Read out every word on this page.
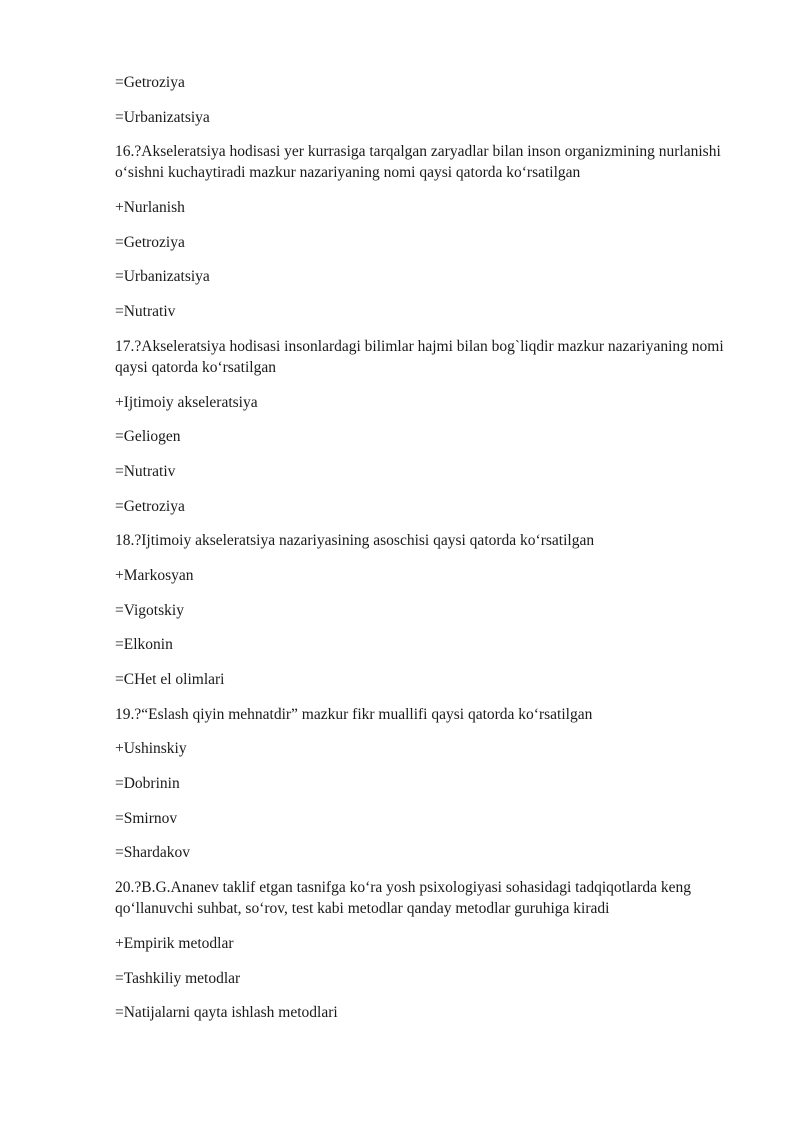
=Getroziya

=Urbanizatsiya

16.?Akseleratsiya hodisasi yer kurrasiga tarqalgan zaryadlar bilan inson organizmining nurlanishi o‘sishni kuchaytiradi mazkur nazariyaning nomi qaysi qatorda ko‘rsatilgan

+Nurlanish

=Getroziya

=Urbanizatsiya

=Nutrativ

17.?Akseleratsiya hodisasi insonlardagi bilimlar hajmi bilan bog`liqdir mazkur nazariyaning nomi qaysi qatorda ko‘rsatilgan

+Ijtimoiy akseleratsiya

=Geliogen

=Nutrativ

=Getroziya

18.?Ijtimoiy akseleratsiya nazariyasining asoschisi qaysi qatorda ko‘rsatilgan

+Markosyan

=Vigotskiy

=Elkonin

=CHet el olimlari

19.?“Eslash qiyin mehnatdir” mazkur fikr muallifi qaysi qatorda ko‘rsatilgan

+Ushinskiy

=Dobrinin

=Smirnov

=Shardakov

20.?B.G.Ananev taklif etgan tasnifga ko‘ra yosh psixologiyasi sohasidagi tadqiqotlarda keng qo‘llanuvchi suhbat, so‘rov, test kabi metodlar qanday metodlar guruhiga kiradi

+Empirik metodlar

=Tashkiliy metodlar

=Natijalarni qayta ishlash metodlari
